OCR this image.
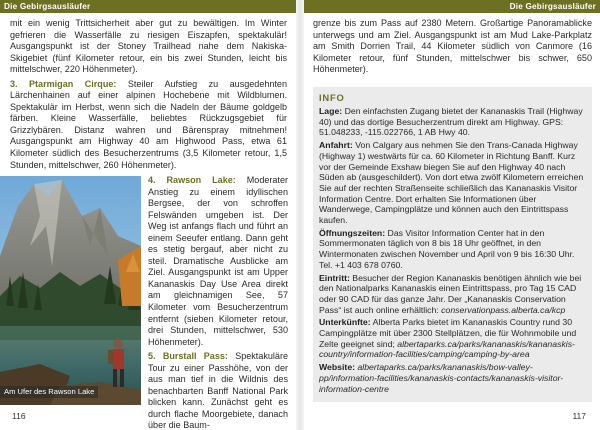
Die Gebirgsausläufer

mit ein wenig Trittsicherheit aber gut zu bewältigen. Im Winter gefrieren die Wasserfälle zu riesigen Eiszapfen, spektakulär! Ausgangspunkt ist der Stoney Trailhead nahe dem Nakiska-Skigebiet (fünf Kilometer retour, ein bis zwei Stunden, leicht bis mittelschwer, 220 Höhenmeter).

3. Ptarmigan Cirque: Steiler Aufstieg zu ausgedehnten Lärchenhainen auf einer alpinen Hochebene mit Wildblumen. Spektakulär im Herbst, wenn sich die Nadeln der Bäume goldgelb färben. Kleine Wasserfälle, beliebtes Rückzugsgebiet für Grizzlybären. Distanz wahren und Bärenspray mitnehmen! Ausgangspunkt am Highway 40 am Highwood Pass, etwa 61 Kilometer südlich des Besucherzentrums (3,5 Kilometer retour, 1,5 Stunden, mittelschwer, 260 Höhenmeter).

Am Ufer des Rawson Lake

4. Rawson Lake: Moderater Anstieg zu einem idyllischen Bergsee, der von schroffen Felswänden umgeben ist. Der Weg ist anfangs flach und führt an einem Seeufer entlang. Dann geht es stetig bergauf, aber nicht zu steil. Dramatische Ausblicke am Ziel. Ausgangspunkt ist am Upper Kananaskis Day Use Area direkt am gleichnamigen See, 57 Kilometer vom Besucherzentrum entfernt (sieben Kilometer retour, drei Stunden, mittelschwer, 530 Höhenmeter).

5. Burstall Pass: Spektakuläre Tour zu einer Passhöhe, von der aus man tief in die Wildnis des benachbarten Banff National Park blicken kann. Zunächst geht es durch flache Moorgebiete, danach über die Baum-

116
Die Gebirgsausläufer

grenze bis zum Pass auf 2380 Metern. Großartige Panoramablicke unterwegs und am Ziel. Ausgangspunkt ist am Mud Lake-Parkplatz am Smith Dorrien Trail, 44 Kilometer südlich von Canmore (16 Kilometer retour, fünf Stunden, mittelschwer bis schwer, 650 Höhenmeter).

INFO

Lage: Den einfachsten Zugang bietet der Kananaskis Trail (Highway 40) und das dortige Besucherzentrum direkt am Highway. GPS: 51.048233, -115.022766, 1 AB Hwy 40.

Anfahrt: Von Calgary aus nehmen Sie den Trans-Canada Highway (Highway 1) westwärts für ca. 60 Kilometer in Richtung Banff. Kurz vor der Gemeinde Exshaw biegen Sie auf den Highway 40 nach Süden ab (ausgeschildert). Von dort etwa zwölf Kilometern erreichen Sie auf der rechten Straßenseite schließlich das Kananaskis Visitor Information Centre. Dort erhalten Sie Informationen über Wanderwege, Campingplätze und können auch den Eintrittspass kaufen.

Öffnungszeiten: Das Visitor Information Center hat in den Sommermonaten täglich von 8 bis 18 Uhr geöffnet, in den Wintermonaten zwischen November und April von 9 bis 16:30 Uhr. Tel. +1 403 678 0760.

Eintritt: Besucher der Region Kananaskis benötigen ähnlich wie bei den Nationalparks Kananaskis einen Eintrittspass, pro Tag 15 CAD oder 90 CAD für das ganze Jahr. Der „Kananaskis Conservation Pass“ ist auch online erhältlich: conservationpass.alberta.ca/kcp

Unterkünfte: Alberta Parks bietet im Kananaskis Country rund 30 Campingplätze mit über 2300 Stellplätzen, die für Wohnmobile und Zelte geeignet sind; albertaparks.ca/parks/kananaskis/kananaskis-country/information-facilities/camping/camping-by-area

Website: albertaparks.ca/parks/kananaskis/bow-valley-pp/information-facilities/kananaskis-contacts/kananaskis-visitor-information-centre

117
